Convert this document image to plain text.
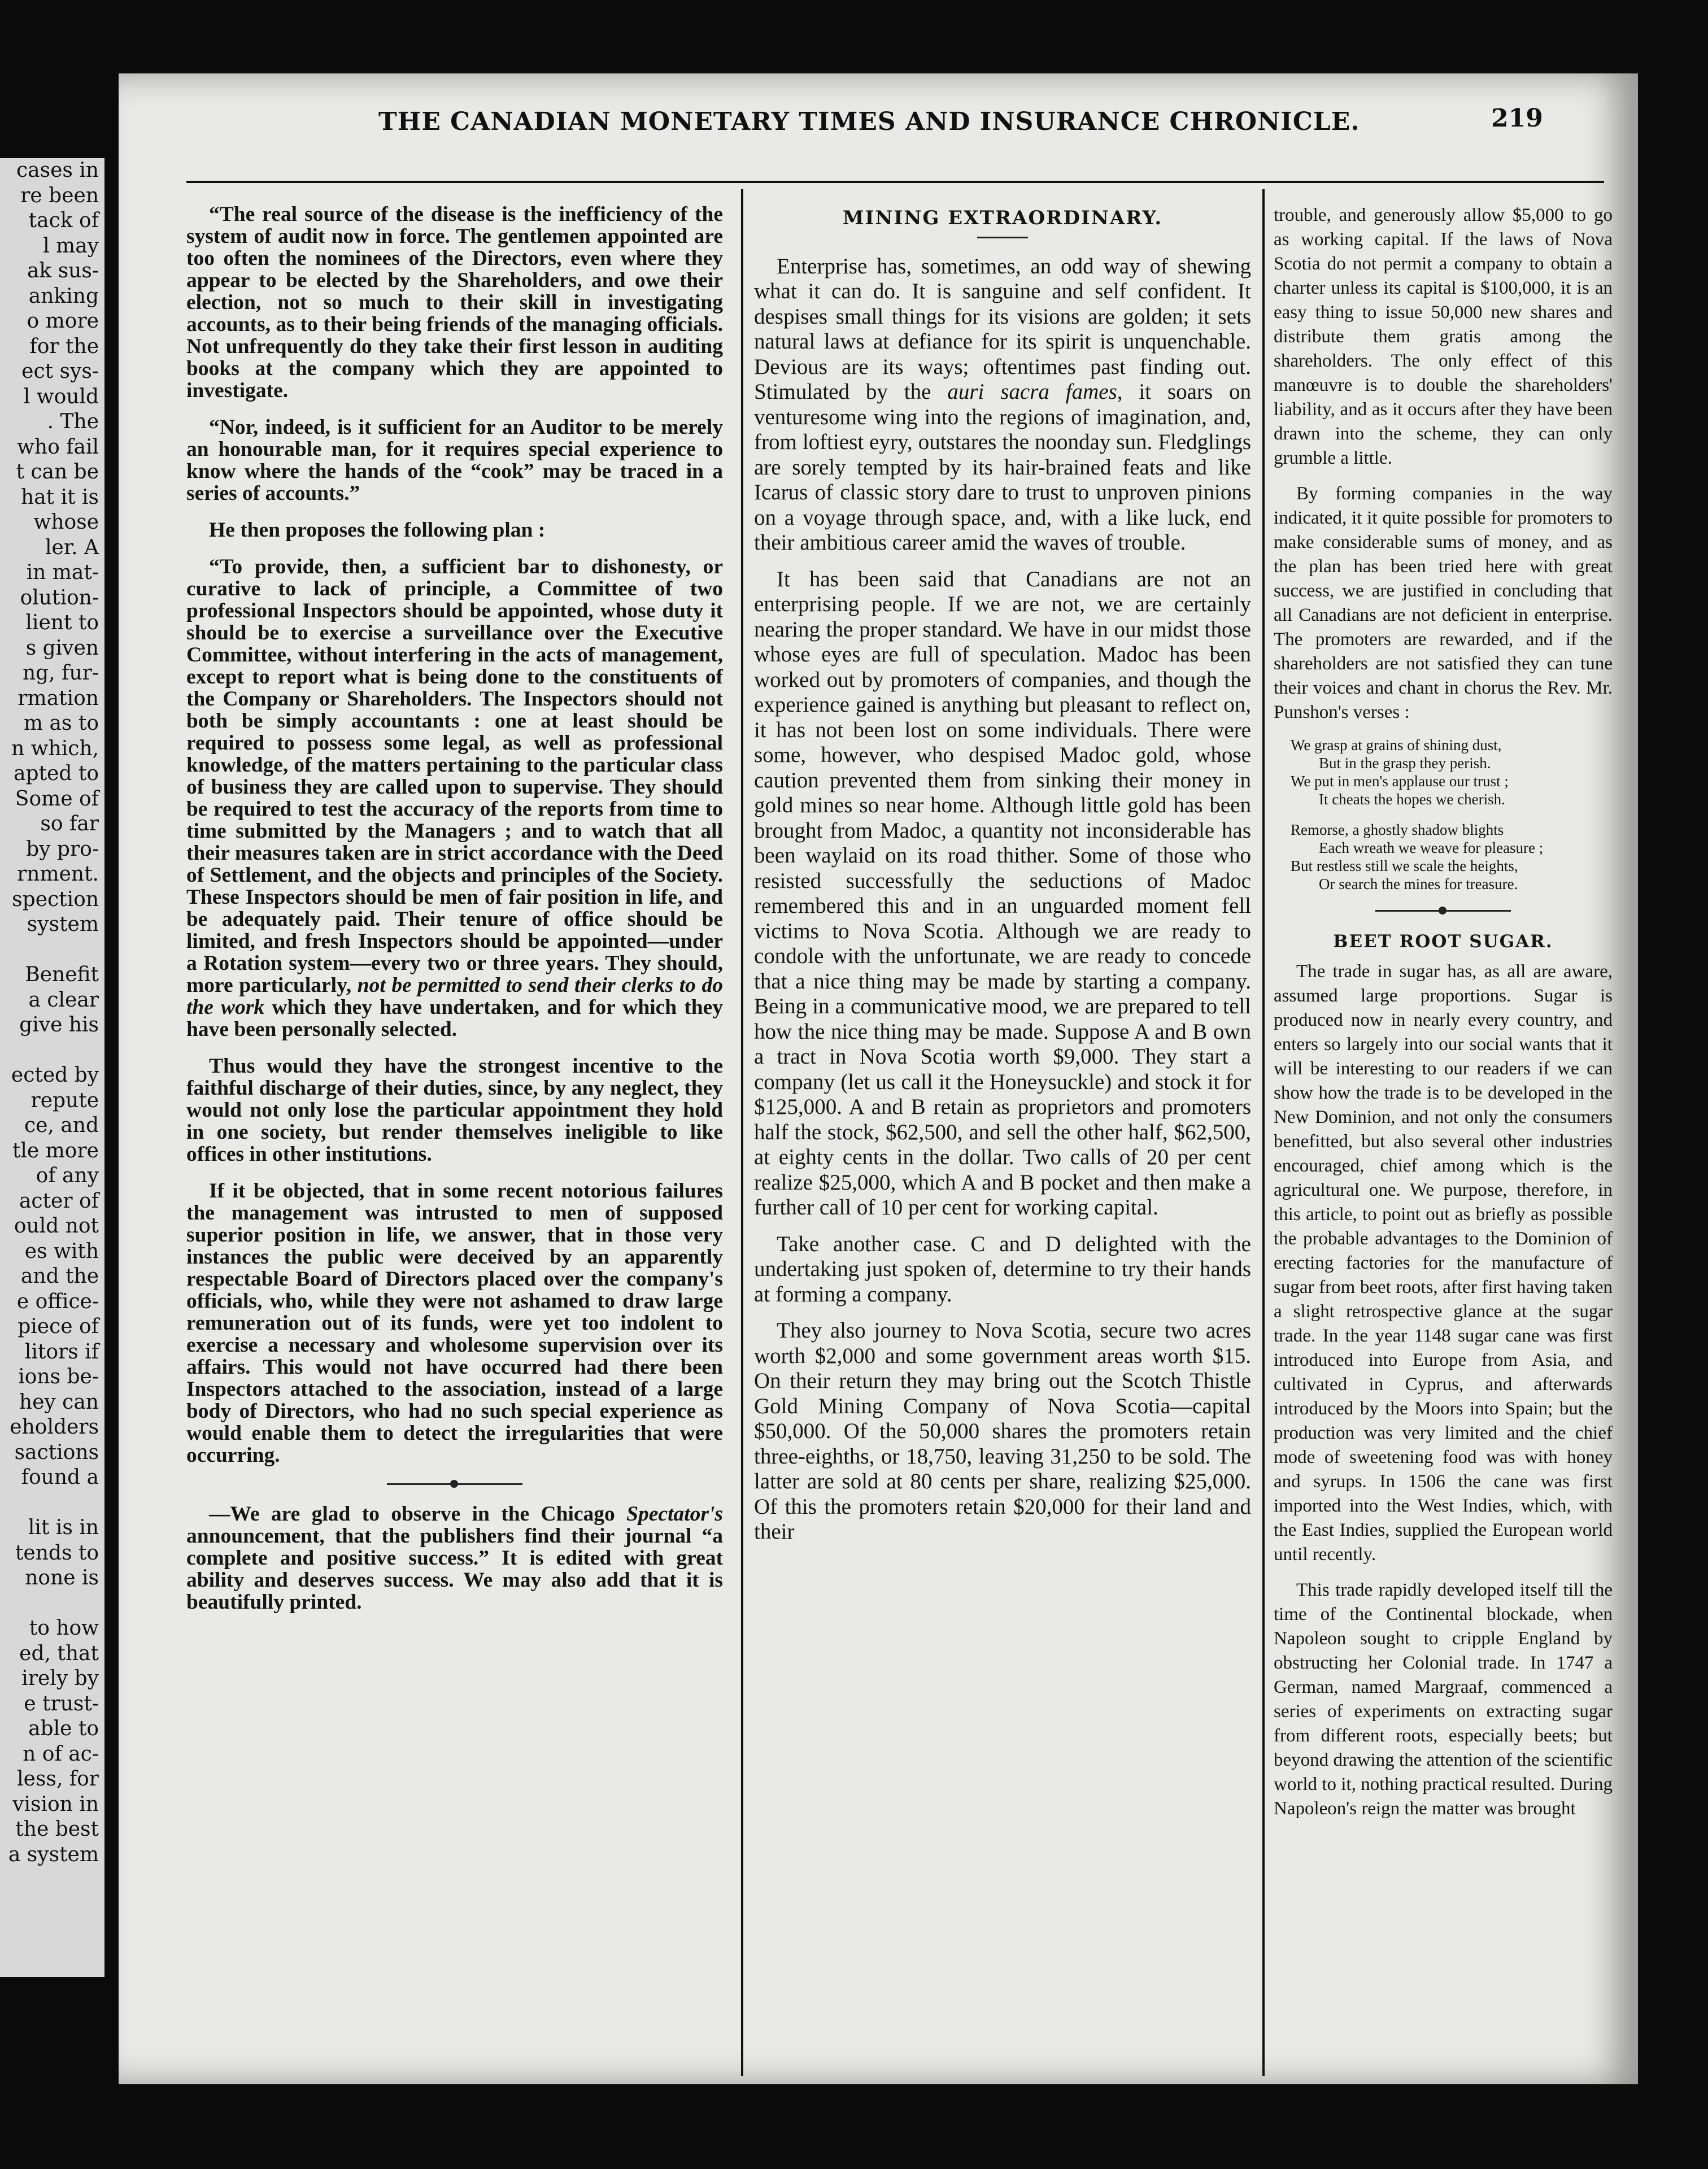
cases in
re been
tack of
l may
ak sus-
anking
o more
for the
ect sys-
l would
. The
who fail
t can be
hat it is
whose
ler. A
in mat-
olution-
lient to
s given
ng, fur-
rmation
m as to
n which,
apted to
Some of
so far
by pro-
rnment.
spection
system

Benefit
a clear
give his

ected by
repute
ce, and
tle more
of any
acter of
ould not
es with
and the
e office-
piece of
litors if
ions be-
hey can
eholders
sactions
found a

lit is in
tends to
none is

to how
ed, that
irely by
e trust-
able to
n of ac-
less, for
vision in
the best
a system
THE CANADIAN MONETARY TIMES AND INSURANCE CHRONICLE.	219

“The real source of the disease is the inefficiency of the system of audit now in force. The gentlemen appointed are too often the nominees of the Directors, even where they appear to be elected by the Shareholders, and owe their election, not so much to their skill in investigating accounts, as to their being friends of the managing officials. Not unfrequently do they take their first lesson in auditing books at the company which they are appointed to investigate.

“Nor, indeed, is it sufficient for an Auditor to be merely an honourable man, for it requires special experience to know where the hands of the “cook” may be traced in a series of accounts.”

He then proposes the following plan :

“To provide, then, a sufficient bar to dishonesty, or curative to lack of principle, a Committee of two professional Inspectors should be appointed, whose duty it should be to exercise a surveillance over the Executive Committee, without interfering in the acts of management, except to report what is being done to the constituents of the Company or Shareholders. The Inspectors should not both be simply accountants : one at least should be required to possess some legal, as well as professional knowledge, of the matters pertaining to the particular class of business they are called upon to supervise. They should be required to test the accuracy of the reports from time to time submitted by the Managers ; and to watch that all their measures taken are in strict accordance with the Deed of Settlement, and the objects and principles of the Society. These Inspectors should be men of fair position in life, and be adequately paid. Their tenure of office should be limited, and fresh Inspectors should be appointed—under a Rotation system—every two or three years. They should, more particularly, not be permitted to send their clerks to do the work which they have undertaken, and for which they have been personally selected.

Thus would they have the strongest incentive to the faithful discharge of their duties, since, by any neglect, they would not only lose the particular appointment they hold in one society, but render themselves ineligible to like offices in other institutions.

If it be objected, that in some recent notorious failures the management was intrusted to men of supposed superior position in life, we answer, that in those very instances the public were deceived by an apparently respectable Board of Directors placed over the company's officials, who, while they were not ashamed to draw large remuneration out of its funds, were yet too indolent to exercise a necessary and wholesome supervision over its affairs. This would not have occurred had there been Inspectors attached to the association, instead of a large body of Directors, who had no such special experience as would enable them to detect the irregularities that were occurring.

—We are glad to observe in the Chicago Spectator's announcement, that the publishers find their journal “a complete and positive success.” It is edited with great ability and deserves success. We may also add that it is beautifully printed.

MINING EXTRAORDINARY.

Enterprise has, sometimes, an odd way of shewing what it can do. It is sanguine and self confident. It despises small things for its visions are golden; it sets natural laws at defiance for its spirit is unquenchable. Devious are its ways; oftentimes past finding out. Stimulated by the auri sacra fames, it soars on venturesome wing into the regions of imagination, and, from loftiest eyry, outstares the noonday sun. Fledglings are sorely tempted by its hair-brained feats and like Icarus of classic story dare to trust to unproven pinions on a voyage through space, and, with a like luck, end their ambitious career amid the waves of trouble.

It has been said that Canadians are not an enterprising people. If we are not, we are certainly nearing the proper standard. We have in our midst those whose eyes are full of speculation. Madoc has been worked out by promoters of companies, and though the experience gained is anything but pleasant to reflect on, it has not been lost on some individuals. There were some, however, who despised Madoc gold, whose caution prevented them from sinking their money in gold mines so near home. Although little gold has been brought from Madoc, a quantity not inconsiderable has been waylaid on its road thither. Some of those who resisted successfully the seductions of Madoc remembered this and in an unguarded moment fell victims to Nova Scotia. Although we are ready to condole with the unfortunate, we are ready to concede that a nice thing may be made by starting a company. Being in a communicative mood, we are prepared to tell how the nice thing may be made. Suppose A and B own a tract in Nova Scotia worth $9,000. They start a company (let us call it the Honeysuckle) and stock it for $125,000. A and B retain as proprietors and promoters half the stock, $62,500, and sell the other half, $62,500, at eighty cents in the dollar. Two calls of 20 per cent realize $25,000, which A and B pocket and then make a further call of 10 per cent for working capital.

Take another case. C and D delighted with the undertaking just spoken of, determine to try their hands at forming a company.

They also journey to Nova Scotia, secure two acres worth $2,000 and some government areas worth $15. On their return they may bring out the Scotch Thistle Gold Mining Company of Nova Scotia—capital $50,000. Of the 50,000 shares the promoters retain three-eighths, or 18,750, leaving 31,250 to be sold. The latter are sold at 80 cents per share, realizing $25,000. Of this the promoters retain $20,000 for their land and their

trouble, and generously allow $5,000 to go as working capital. If the laws of Nova Scotia do not permit a company to obtain a charter unless its capital is $100,000, it is an easy thing to issue 50,000 new shares and distribute them gratis among the shareholders. The only effect of this manœuvre is to double the shareholders' liability, and as it occurs after they have been drawn into the scheme, they can only grumble a little.

By forming companies in the way indicated, it it quite possible for promoters to make considerable sums of money, and as the plan has been tried here with great success, we are justified in concluding that all Canadians are not deficient in enterprise. The promoters are rewarded, and if the shareholders are not satisfied they can tune their voices and chant in chorus the Rev. Mr. Punshon's verses :

We grasp at grains of shining dust,
But in the grasp they perish.
We put in men's applause our trust ;
It cheats the hopes we cherish.
Remorse, a ghostly shadow blights
Each wreath we weave for pleasure ;
But restless still we scale the heights,
Or search the mines for treasure.
BEET ROOT SUGAR.

The trade in sugar has, as all are aware, assumed large proportions. Sugar is produced now in nearly every country, and enters so largely into our social wants that it will be interesting to our readers if we can show how the trade is to be developed in the New Dominion, and not only the consumers benefitted, but also several other industries encouraged, chief among which is the agricultural one. We purpose, therefore, in this article, to point out as briefly as possible the probable advantages to the Dominion of erecting factories for the manufacture of sugar from beet roots, after first having taken a slight retrospective glance at the sugar trade. In the year 1148 sugar cane was first introduced into Europe from Asia, and cultivated in Cyprus, and afterwards introduced by the Moors into Spain; but the production was very limited and the chief mode of sweetening food was with honey and syrups. In 1506 the cane was first imported into the West Indies, which, with the East Indies, supplied the European world until recently.

This trade rapidly developed itself till the time of the Continental blockade, when Napoleon sought to cripple England by obstructing her Colonial trade. In 1747 a German, named Margraaf, commenced a series of experiments on extracting sugar from different roots, especially beets; but beyond drawing the attention of the scientific world to it, nothing practical resulted. During Napoleon's reign the matter was brought
